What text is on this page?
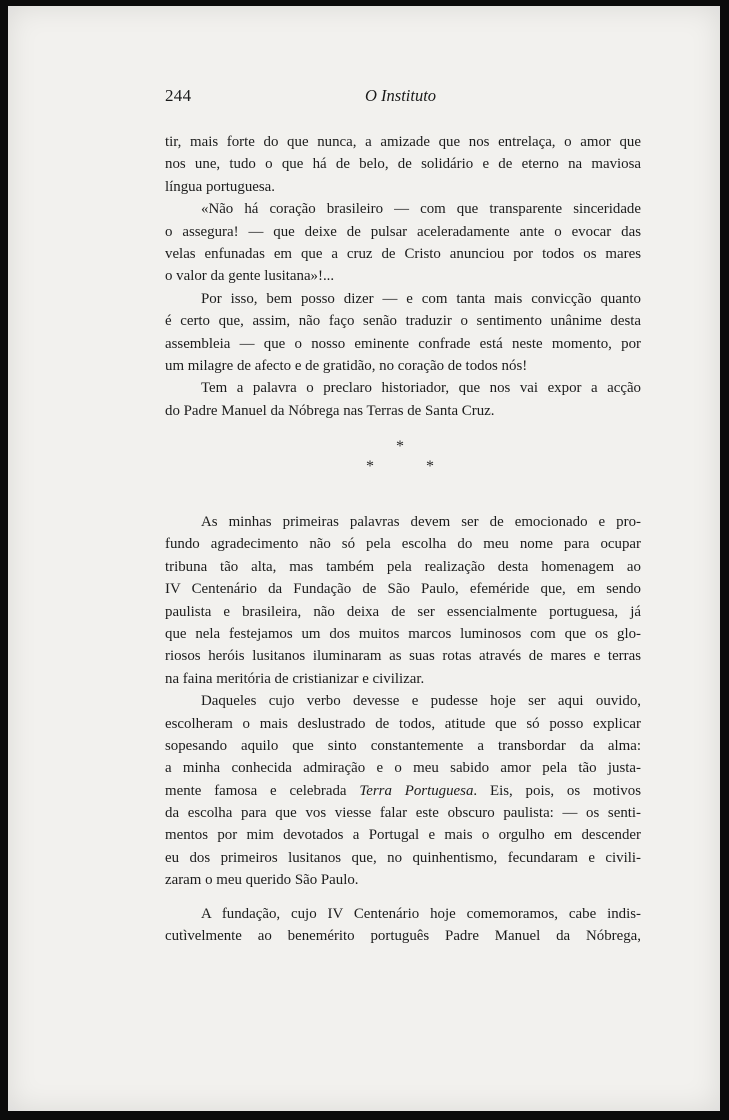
244	O Instituto
tir, mais forte do que nunca, a amizade que nos entrelaça, o amor que
nos une, tudo o que há de belo, de solidário e de eterno na maviosa
língua portuguesa.
«Não há coração brasileiro — com que transparente sinceridade
o assegura! — que deixe de pulsar aceleradamente ante o evocar das
velas enfunadas em que a cruz de Cristo anunciou por todos os mares
o valor da gente lusitana»!...
Por isso, bem posso dizer — e com tanta mais convicção quanto
é certo que, assim, não faço senão traduzir o sentimento unânime desta
assembleia — que o nosso eminente confrade está neste momento, por
um milagre de afecto e de gratidão, no coração de todos nós!
Tem a palavra o preclaro historiador, que nos vai expor a acção
do Padre Manuel da Nóbrega nas Terras de Santa Cruz.
*
*	*
As minhas primeiras palavras devem ser de emocionado e pro-
fundo agradecimento não só pela escolha do meu nome para ocupar
tribuna tão alta, mas também pela realização desta homenagem ao
IV Centenário da Fundação de São Paulo, efeméride que, em sendo
paulista e brasileira, não deixa de ser essencialmente portuguesa, já
que nela festejamos um dos muitos marcos luminosos com que os glo-
riosos heróis lusitanos iluminaram as suas rotas através de mares e terras
na faina meritória de cristianizar e civilizar.
Daqueles cujo verbo devesse e pudesse hoje ser aqui ouvido,
escolheram o mais deslustrado de todos, atitude que só posso explicar
sopesando aquilo que sinto constantemente a transbordar da alma:
a minha conhecida admiração e o meu sabido amor pela tão justa-
mente famosa e celebrada Terra Portuguesa. Eis, pois, os motivos
da escolha para que vos viesse falar este obscuro paulista: — os senti-
mentos por mim devotados a Portugal e mais o orgulho em descender
eu dos primeiros lusitanos que, no quinhentismo, fecundaram e civili-
zaram o meu querido São Paulo.
A fundação, cujo IV Centenário hoje comemoramos, cabe indis-
cutìvelmente ao benemérito português Padre Manuel da Nóbrega,
